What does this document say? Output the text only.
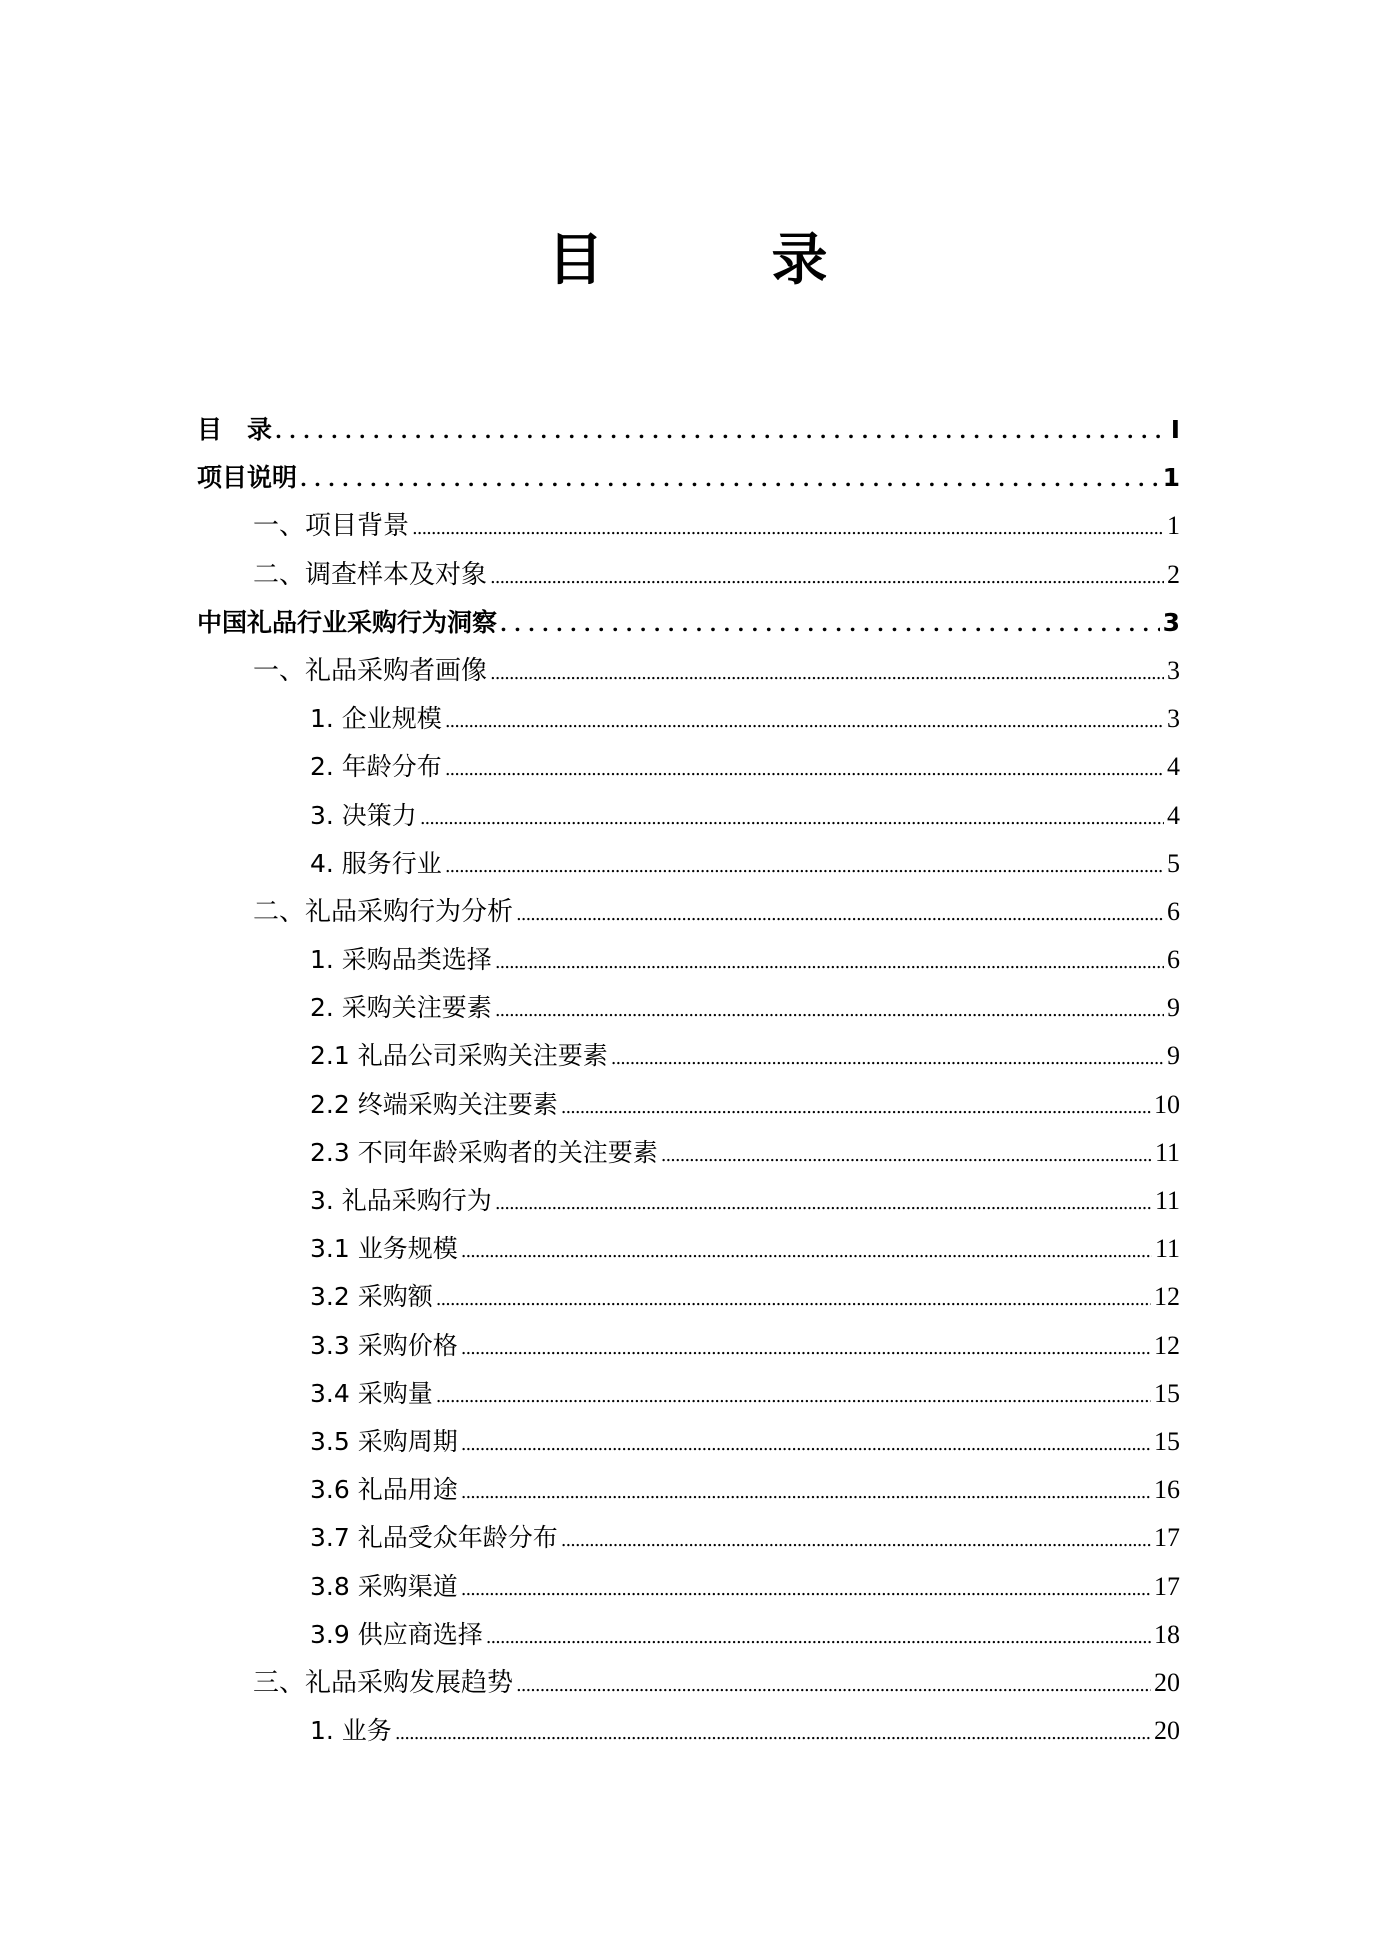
目　录
目　录 .....	I
项目说明 .....	1
一、项目背景 .....	1
二、调查样本及对象 .....	2
中国礼品行业采购行为洞察 .....	3
一、礼品采购者画像 .....	3
1. 企业规模 .....	3
2. 年龄分布 .....	4
3. 决策力 .....	4
4. 服务行业 .....	5
二、礼品采购行为分析 .....	6
1. 采购品类选择 .....	6
2. 采购关注要素 .....	9
2.1 礼品公司采购关注要素 .....	9
2.2 终端采购关注要素 .....	10
2.3 不同年龄采购者的关注要素 .....	11
3. 礼品采购行为 .....	11
3.1 业务规模 .....	11
3.2 采购额 .....	12
3.3 采购价格 .....	12
3.4 采购量 .....	15
3.5 采购周期 .....	15
3.6 礼品用途 .....	16
3.7 礼品受众年龄分布 .....	17
3.8 采购渠道 .....	17
3.9 供应商选择 .....	18
三、礼品采购发展趋势 .....	20
1. 业务 .....	20
